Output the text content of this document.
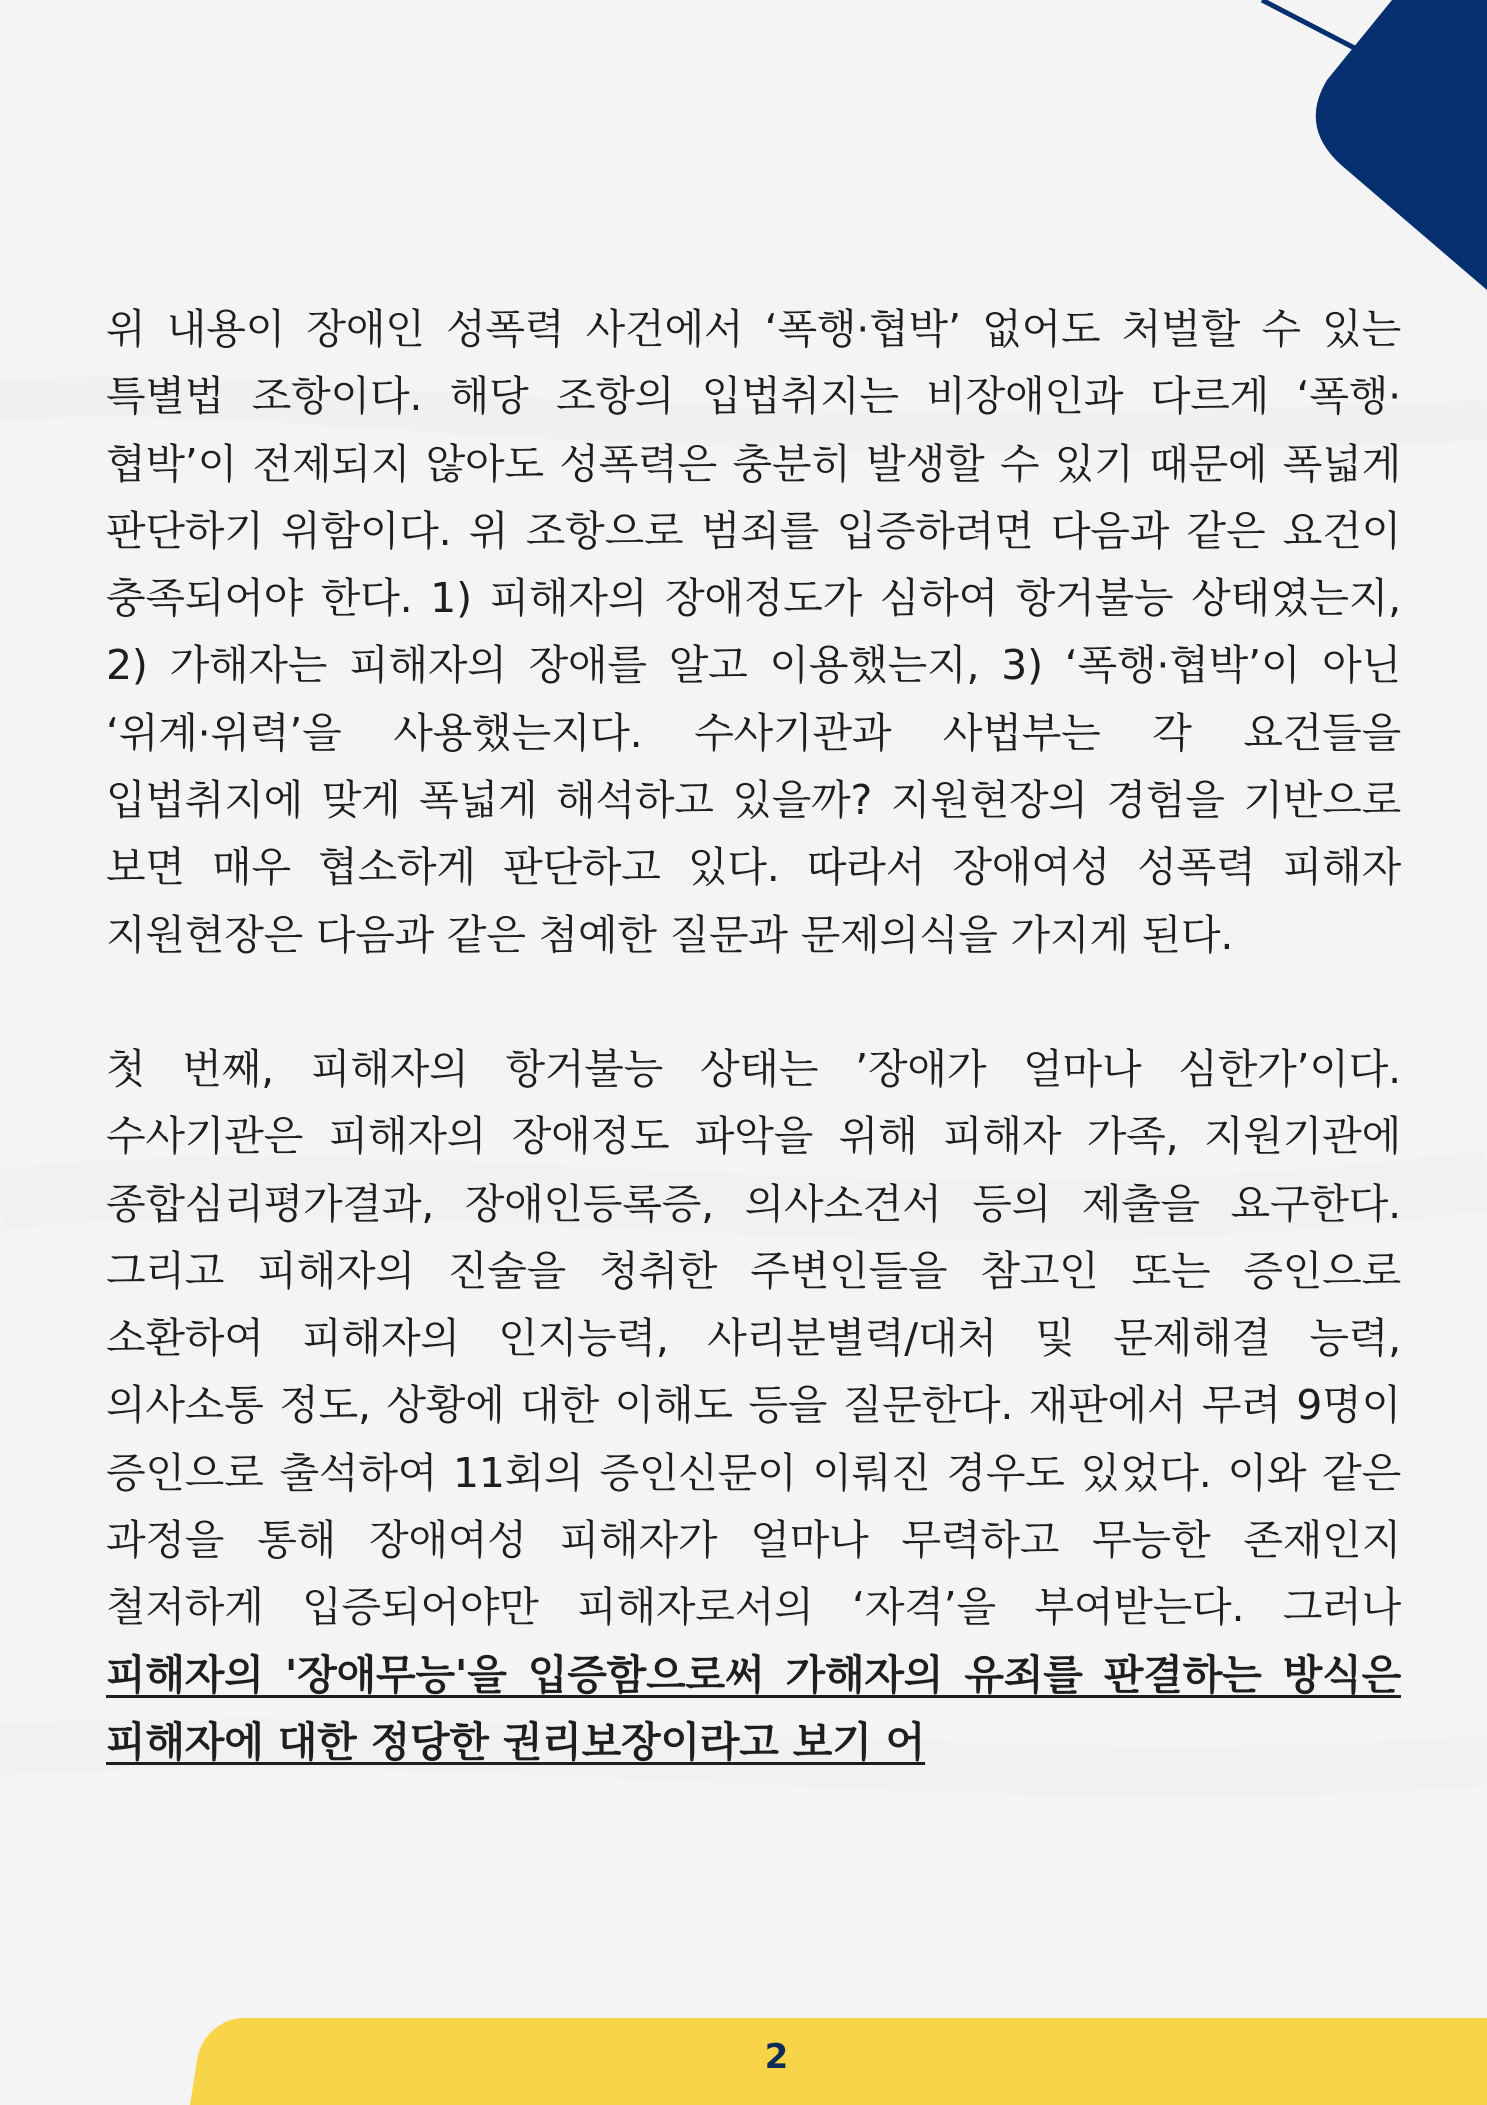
위 내용이 장애인 성폭력 사건에서 ‘폭행·협박’ 없어도 처벌할 수 있는 특별법 조항이다. 해당 조항의 입법취지는 비장애인과 다르게 ‘폭행·협박’이 전제되지 않아도 성폭력은 충분히 발생할 수 있기 때문에 폭넓게 판단하기 위함이다. 위 조항으로 범죄를 입증하려면 다음과 같은 요건이 충족되어야 한다. 1) 피해자의 장애정도가 심하여 항거불능 상태였는지, 2) 가해자는 피해자의 장애를 알고 이용했는지, 3) ‘폭행·협박’이 아닌 ‘위계·위력’을 사용했는지다. 수사기관과 사법부는 각 요건들을 입법취지에 맞게 폭넓게 해석하고 있을까? 지원현장의 경험을 기반으로 보면 매우 협소하게 판단하고 있다. 따라서 장애여성 성폭력 피해자 지원현장은 다음과 같은 첨예한 질문과 문제의식을 가지게 된다.

첫 번째, 피해자의 항거불능 상태는 ’장애가 얼마나 심한가’이다. 수사기관은 피해자의 장애정도 파악을 위해 피해자 가족, 지원기관에 종합심리평가결과, 장애인등록증, 의사소견서 등의 제출을 요구한다. 그리고 피해자의 진술을 청취한 주변인들을 참고인 또는 증인으로 소환하여 피해자의 인지능력, 사리분별력/대처 및 문제해결 능력, 의사소통 정도, 상황에 대한 이해도 등을 질문한다. 재판에서 무려 9명이 증인으로 출석하여 11회의 증인신문이 이뤄진 경우도 있었다. 이와 같은 과정을 통해 장애여성 피해자가 얼마나 무력하고 무능한 존재인지 철저하게 입증되어야만 피해자로서의 ‘자격’을 부여받는다. 그러나 피해자의 '장애무능'을 입증함으로써 가해자의 유죄를 판결하는 방식은 피해자에 대한 정당한 권리보장이라고 보기 어

2
